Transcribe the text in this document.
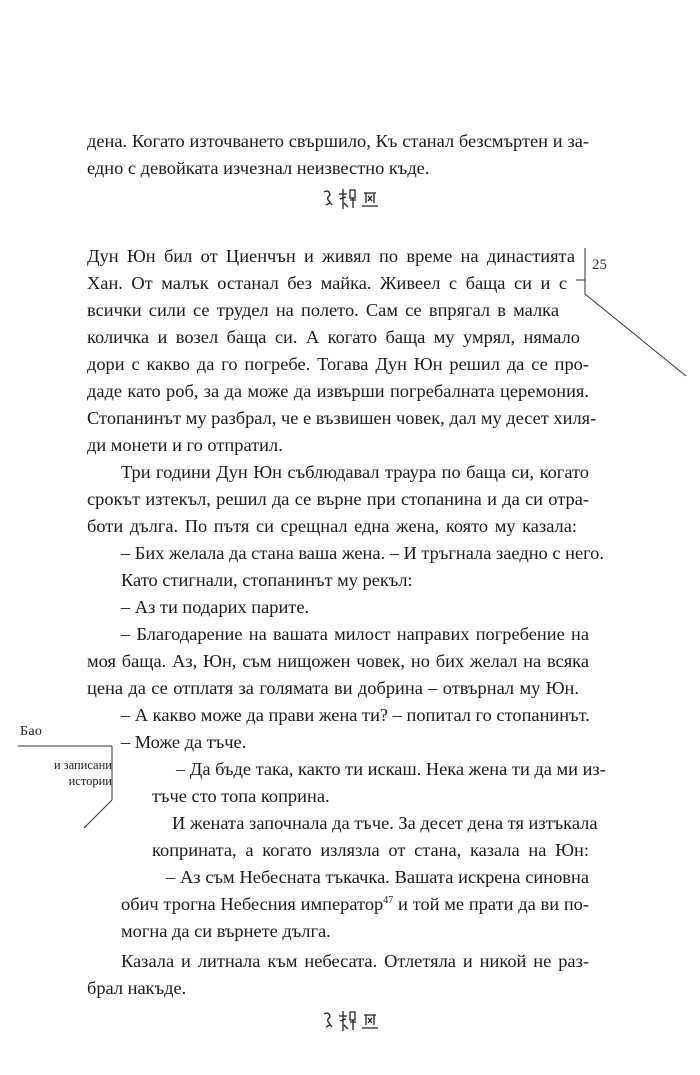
дена. Когато източването свършило, Къ станал безсмъртен и за-
едно с девойката изчезнал неизвестно къде.
25
Дун Юн бил от Циенчън и живял по време на династията
Хан. От малък останал без майка. Живеел с баща си и с
всички сили се трудел на полето. Сам се впрягал в малка
количка и возел баща си. А когато баща му умрял, нямало
дори с какво да го погребе. Тогава Дун Юн решил да се про-
даде като роб, за да може да извърши погребалната церемония.
Стопанинът му разбрал, че е възвишен човек, дал му десет хиля-
ди монети и го отпратил.
Три години Дун Юн съблюдавал траура по баща си, когато
срокът изтекъл, решил да се върне при стопанина и да си отра-
боти дълга. По пътя си срещнал една жена, която му казала:
– Бих желала да стана ваша жена. – И тръгнала заедно с него.
Като стигнали, стопанинът му рекъл:
– Аз ти подарих парите.
– Благодарение на вашата милост направих погребение на
моя баща. Аз, Юн, съм нищожен човек, но бих желал на всяка
цена да се отплатя за голямата ви добрина – отвърнал му Юн.
– А какво може да прави жена ти? – попитал го стопанинът.
– Може да тъче.
– Да бъде така, както ти искаш. Нека жена ти да ми из-
тъче сто топа коприна.
И жената започнала да тъче. За десет дена тя изтъкала
коприната, а когато излязла от стана, казала на Юн:
– Аз съм Небесната тъкачка. Вашата искрена синовна
обич трогна Небесния император$^{47}$ и той ме прати да ви по-
могна да си върнете дълга.
Бао
и записани
истории
Казала и литнала към небесата. Отлетяла и никой не раз-
брал накъде.
